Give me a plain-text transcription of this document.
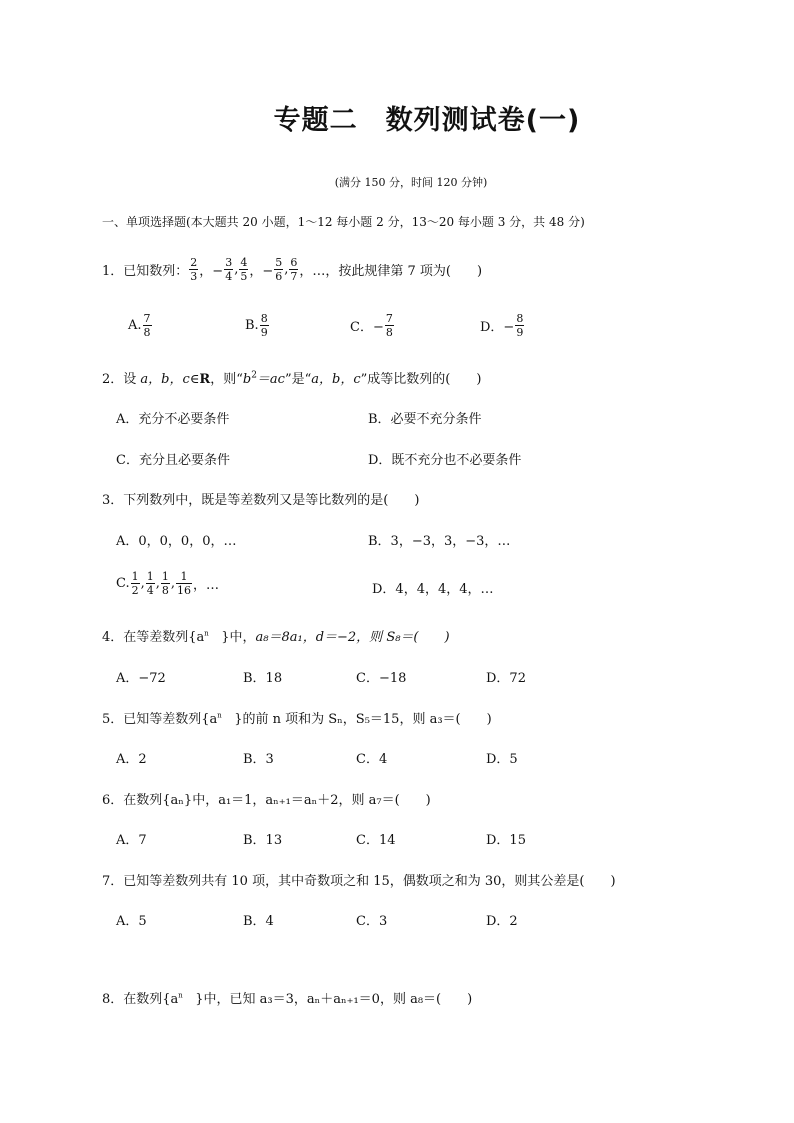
专题二　数列测试卷(一)
(满分 150 分，时间 120 分钟)
一、单项选择题(本大题共 20 小题，1～12 每小题 2 分，13～20 每小题 3 分，共 48 分)
1．已知数列： $\frac{2}{3}$ ，− $\frac{3}{4}$ , $\frac{4}{5}$ ，− $\frac{5}{6}$ , $\frac{6}{7}$ ，…，按此规律第 7 项为(　　)
A. $\frac{7}{8}$	B. $\frac{8}{9}$	C．− $\frac{7}{8}$	D．− $\frac{8}{9}$
2．设 a，b，c∈R，则“$b^2=ac$”是“a，b，c”成等比数列的(　　)
A．充分不必要条件	B．必要不充分条件
C．充分且必要条件	D．既不充分也不必要条件
3．下列数列中，既是等差数列又是等比数列的是(　　)
A．0，0，0，0，…	B．3，−3，3，−3，…
C. $\frac{1}{2}$ , $\frac{1}{4}$ , $\frac{1}{8}$ , $\frac{1}{16}$ ，…	D．4，4，4，4，…
4．在等差数列{$a^n$ }中，a₈＝8a₁，d＝−2，则 S₈＝(　　)
A．−72	B．18	C．−18	D．72
5．已知等差数列{$a^n$ }的前 n 项和为 Sₙ，S₅＝15，则 a₃＝(　　)
A．2	B．3	C．4	D．5
6．在数列{aₙ}中，a₁＝1，aₙ₊₁＝aₙ＋2，则 a₇＝(　　)
A．7	B．13	C．14	D．15
7．已知等差数列共有 10 项，其中奇数项之和 15，偶数项之和为 30，则其公差是(　　)
A．5	B．4	C．3	D．2
8．在数列{$a^n$ }中，已知 a₃＝3，aₙ＋aₙ₊₁＝0，则 a₈＝(　　)
